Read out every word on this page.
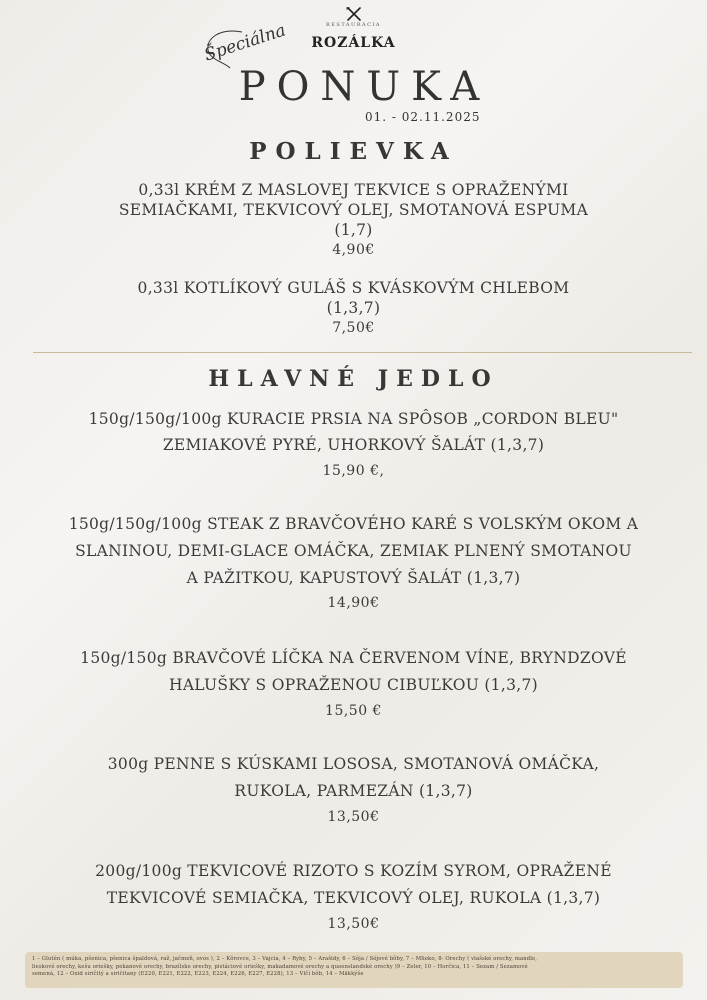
RESTAURÁCIA
ROZÁLKA
Špeciálna
PONUKA
01. - 02.11.2025
POLIEVKA
0,33l KRÉM Z MASLOVEJ TEKVICE S OPRAŽENÝMI
SEMIAČKAMI, TEKVICOVÝ OLEJ, SMOTANOVÁ ESPUMA
(1,7)
4,90€
0,33l KOTLÍKOVÝ GULÁŠ S KVÁSKOVÝM CHLEBOM
(1,3,7)
7,50€
HLAVNÉ JEDLO
150g/150g/100g KURACIE PRSIA NA SPÔSOB „CORDON BLEU"
ZEMIAKOVÉ PYRÉ, UHORKOVÝ ŠALÁT (1,3,7)
15,90 €,
150g/150g/100g STEAK Z BRAVČOVÉHO KARÉ S VOLSKÝM OKOM A
SLANINOU, DEMI-GLACE OMÁČKA, ZEMIAK PLNENÝ SMOTANOU
A PAŽITKOU, KAPUSTOVÝ ŠALÁT (1,3,7)
14,90€
150g/150g BRAVČOVÉ LÍČKA NA ČERVENOM VÍNE, BRYNDZOVÉ
HALUŠKY S OPRAŽENOU CIBUĽKOU (1,3,7)
15,50 €
300g PENNE S KÚSKAMI LOSOSA, SMOTANOVÁ OMÁČKA,
RUKOLA, PARMEZÁN (1,3,7)
13,50€
200g/100g TEKVICOVÉ RIZOTO S KOZÍM SYROM, OPRAŽENÉ
TEKVICOVÉ SEMIAČKA, TEKVICOVÝ OLEJ, RUKOLA (1,3,7)
13,50€
1 – Glutén ( múka, pšenica, pšenica špaldová, raž, jačmeň, ovos ), 2 – Kôrovce, 3 – Vajcia, 4 – Ryby, 5 – Arašidy, 6 – Sója / Sójové bôby, 7 – Mlieko, 8- Orechy ( vlašské orechy, mandle,
lieskové orechy, kešu oriešky, pekanové orechy, brazílske orechy, pistáciové oriešky, makadamové orechy a queenslandské orechy )9 – Zeler, 10 – Horčica, 11 – Sezam / Sezamové
semená, 12 – Oxid siričitý a siričitany (E220, E221, E222, E223, E224, E226, E227, E228), 13 – Vlčí bôb, 14 – Mäkkýše
